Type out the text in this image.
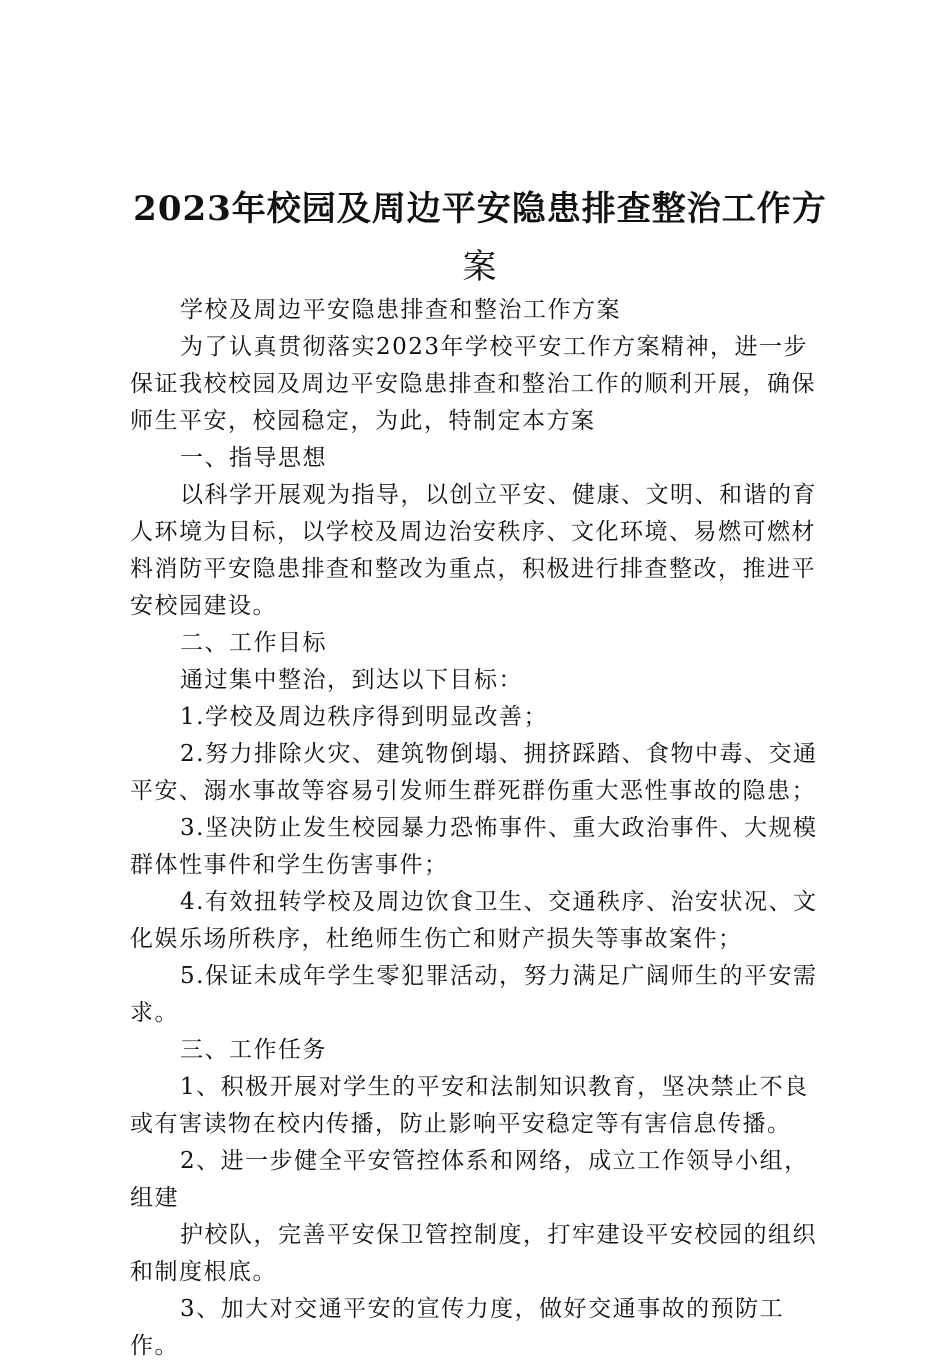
2023年校园及周边平安隐患排查整治工作方
案

学校及周边平安隐患排查和整治工作方案

为了认真贯彻落实2023年学校平安工作方案精神，进一步保证我校校园及周边平安隐患排查和整治工作的顺利开展，确保师生平安，校园稳定，为此，特制定本方案

一、指导思想

以科学开展观为指导，以创立平安、健康、文明、和谐的育人环境为目标，以学校及周边治安秩序、文化环境、易燃可燃材料消防平安隐患排查和整改为重点，积极进行排查整改，推进平安校园建设。

二、工作目标

通过集中整治，到达以下目标：

1.学校及周边秩序得到明显改善；

2.努力排除火灾、建筑物倒塌、拥挤踩踏、食物中毒、交通平安、溺水事故等容易引发师生群死群伤重大恶性事故的隐患；

3.坚决防止发生校园暴力恐怖事件、重大政治事件、大规模群体性事件和学生伤害事件；

4.有效扭转学校及周边饮食卫生、交通秩序、治安状况、文化娱乐场所秩序，杜绝师生伤亡和财产损失等事故案件；

5.保证未成年学生零犯罪活动，努力满足广阔师生的平安需求。

三、工作任务

1、积极开展对学生的平安和法制知识教育，坚决禁止不良或有害读物在校内传播，防止影响平安稳定等有害信息传播。

2、进一步健全平安管控体系和网络，成立工作领导小组，组建

护校队，完善平安保卫管控制度，打牢建设平安校园的组织和制度根底。

3、加大对交通平安的宣传力度，做好交通事故的预防工作。
